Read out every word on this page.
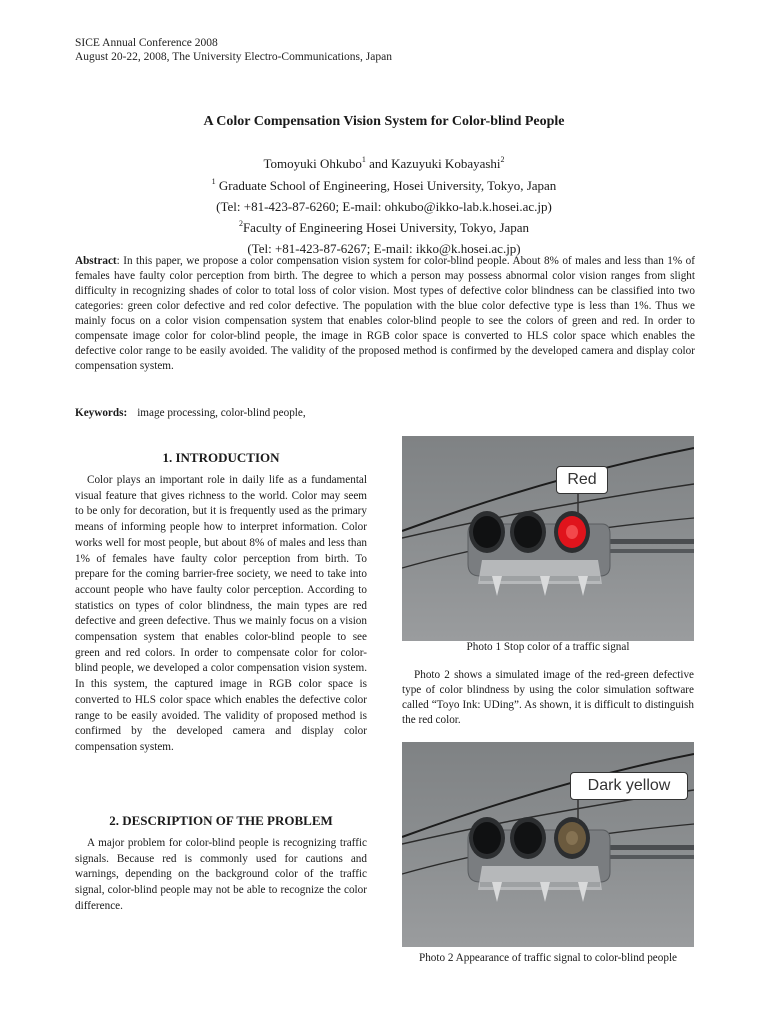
SICE Annual Conference 2008
August 20-22, 2008, The University Electro-Communications, Japan
A Color Compensation Vision System for Color-blind People
Tomoyuki Ohkubo$^1$ and Kazuyuki Kobayashi$^2$
$^1$ Graduate School of Engineering, Hosei University, Tokyo, Japan
(Tel: +81-423-87-6260; E-mail: ohkubo@ikko-lab.k.hosei.ac.jp)
$^2$Faculty of Engineering Hosei University, Tokyo, Japan
(Tel: +81-423-87-6267; E-mail: ikko@k.hosei.ac.jp)
Abstract: In this paper, we propose a color compensation vision system for color-blind people. About 8% of males and less than 1% of females have faulty color perception from birth. The degree to which a person may possess abnormal color vision ranges from slight difficulty in recognizing shades of color to total loss of color vision. Most types of defective color blindness can be classified into two categories: green color defective and red color defective. The population with the blue color defective type is less than 1%. Thus we mainly focus on a color vision compensation system that enables color-blind people to see the colors of green and red. In order to compensate image color for color-blind people, the image in RGB color space is converted to HLS color space which enables the defective color range to be easily avoided. The validity of the proposed method is confirmed by the developed camera and display color compensation system.
Keywords: image processing, color-blind people,
1. INTRODUCTION
Color plays an important role in daily life as a fundamental visual feature that gives richness to the world. Color may seem to be only for decoration, but it is frequently used as the primary means of informing people how to interpret information. Color works well for most people, but about 8% of males and less than 1% of females have faulty color perception from birth. To prepare for the coming barrier-free society, we need to take into account people who have faulty color perception. According to statistics on types of color blindness, the main types are red defective and green defective. Thus we mainly focus on a vision compensation system that enables color-blind people to see green and red colors. In order to compensate color for color-blind people, we developed a color compensation vision system. In this system, the captured image in RGB color space is converted to HLS color space which enables the defective color range to be easily avoided. The validity of proposed method is confirmed by the developed camera and display color compensation system.
2. DESCRIPTION OF THE PROBLEM
A major problem for color-blind people is recognizing traffic signals. Because red is commonly used for cautions and warnings, depending on the background color of the traffic signal, color-blind people may not be able to recognize the color difference.
Red
Photo 1 Stop color of a traffic signal
Photo 2 shows a simulated image of the red-green defective type of color blindness by using the color simulation software called “Toyo Ink: UDing”. As shown, it is difficult to distinguish the red color.
Dark yellow
Photo 2 Appearance of traffic signal to color-blind people
